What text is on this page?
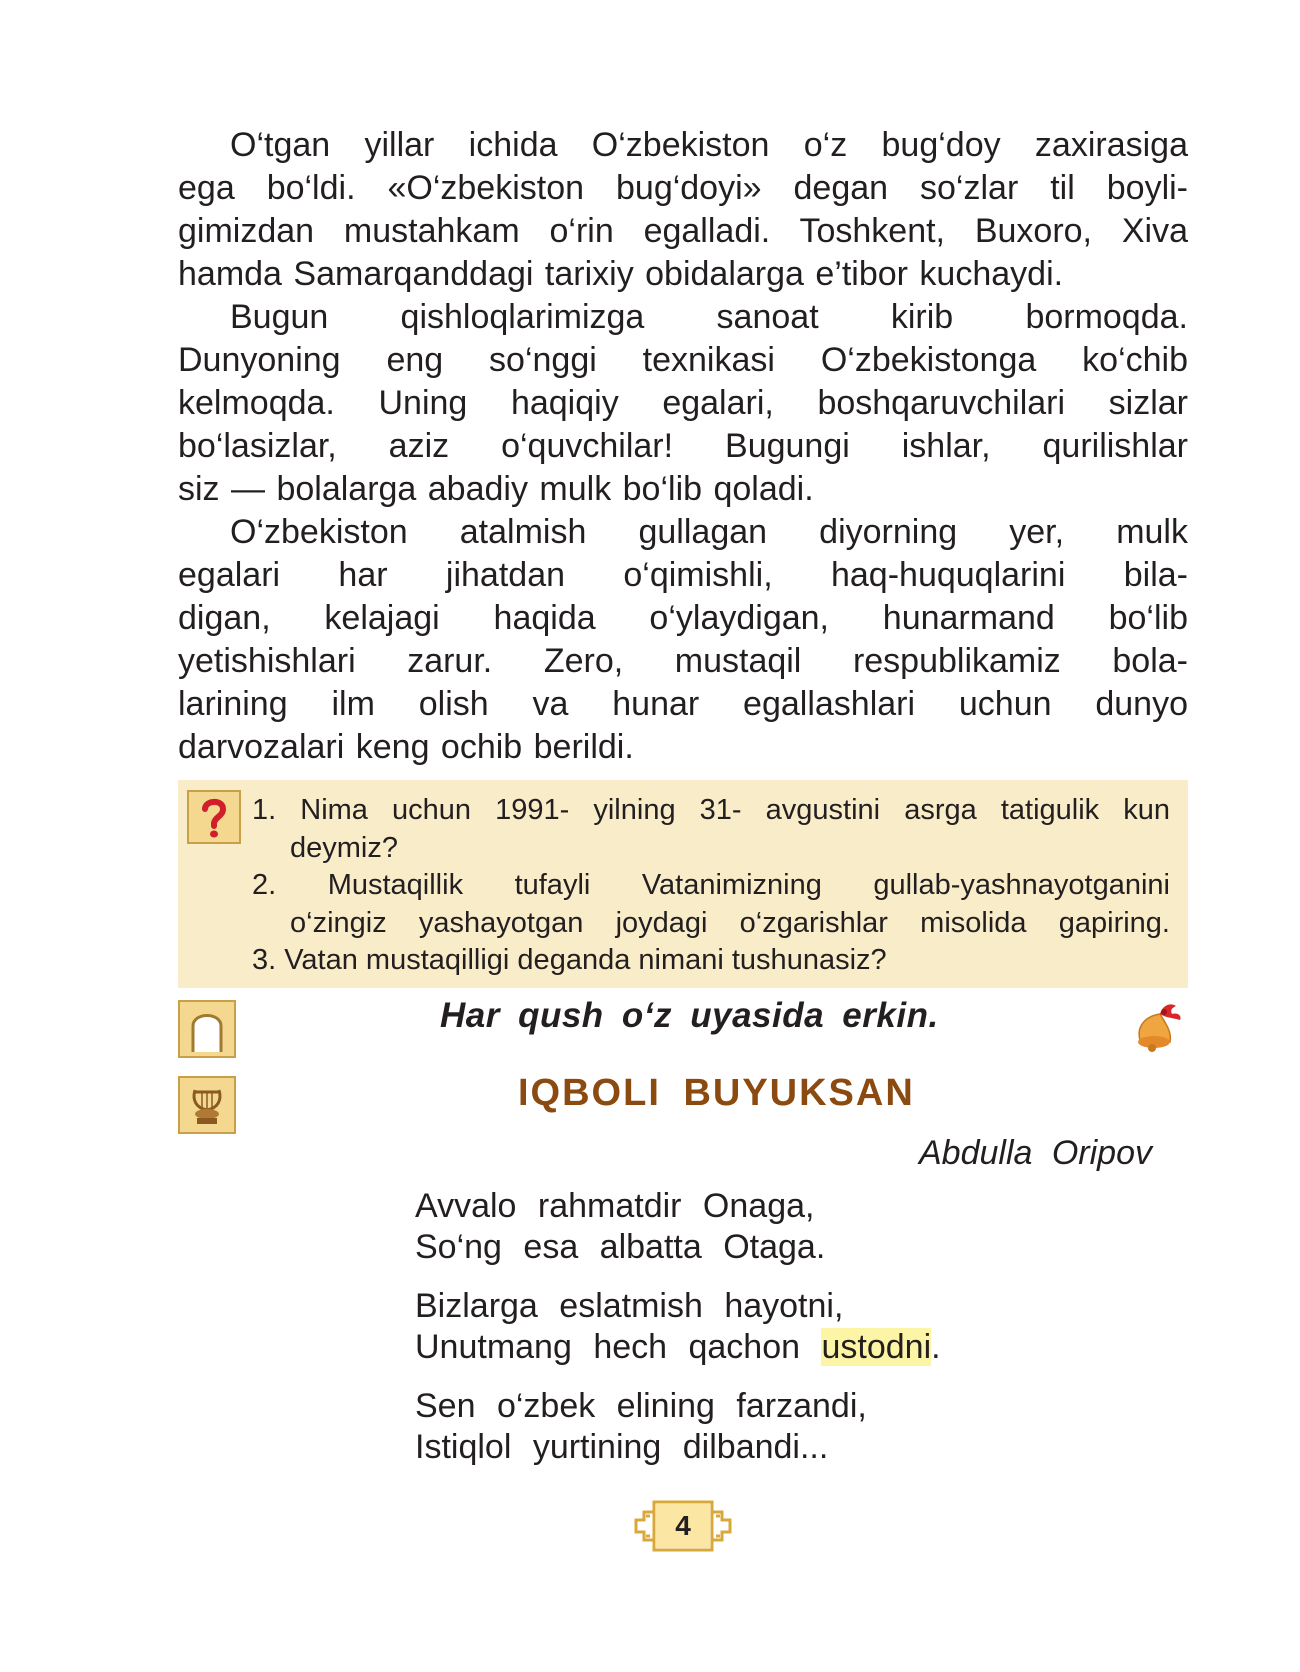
O‘tgan yillar ichida O‘zbekiston o‘z bug‘doy zaxirasiga
ega bo‘ldi. «O‘zbekiston bug‘doyi» degan so‘zlar til boyli-
gimizdan mustahkam o‘rin egalladi. Toshkent, Buxoro, Xiva
hamda Samarqanddagi tarixiy obidalarga e’tibor kuchaydi.
Bugun qishloqlarimizga sanoat kirib bormoqda.
Dunyoning eng so‘nggi texnikasi O‘zbekistonga ko‘chib
kelmoqda. Uning haqiqiy egalari, boshqaruvchilari sizlar
bo‘lasizlar, aziz o‘quvchilar! Bugungi ishlar, qurilishlar
siz — bolalarga abadiy mulk bo‘lib qoladi.
O‘zbekiston atalmish gullagan diyorning yer, mulk
egalari har jihatdan o‘qimishli, haq-huquqlarini bila-
digan, kelajagi haqida o‘ylaydigan, hunarmand bo‘lib
yetishishlari zarur. Zero, mustaqil respublikamiz bola-
larining ilm olish va hunar egallashlari uchun dunyo
darvozalari keng ochib berildi.
1. Nima uchun 1991- yilning 31- avgustini asrga tatigulik kun
deymiz?
2. Mustaqillik tufayli Vatanimizning gullab-yashnayotganini
o‘zingiz yashayotgan joydagi o‘zgarishlar misolida gapiring.
3. Vatan mustaqilligi deganda nimani tushunasiz?
Har qush o‘z uyasida erkin.
IQBOLI BUYUKSAN
Abdulla Oripov
Avvalo rahmatdir Onaga,
So‘ng esa albatta Otaga.
Bizlarga eslatmish hayotni,
Unutmang hech qachon ustodni.
Sen o‘zbek elining farzandi,
Istiqlol yurtining dilbandi...
4
